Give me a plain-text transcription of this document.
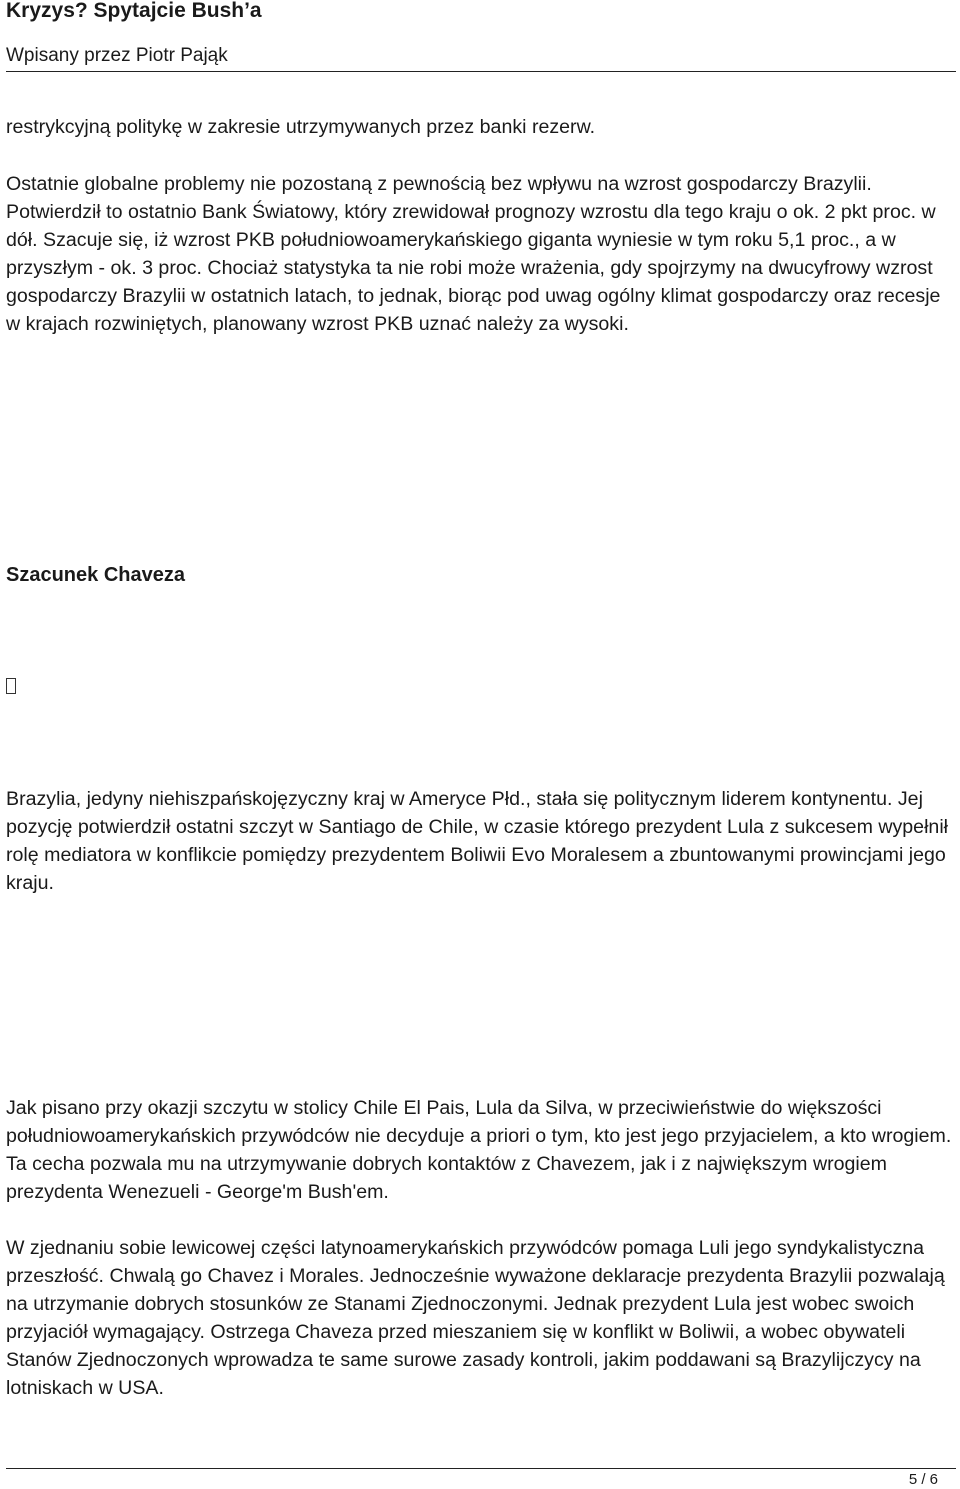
Kryzys? Spytajcie Bush’a

Wpisany przez Piotr Pająk

restrykcyjną politykę w zakresie utrzymywanych przez banki rezerw.

Ostatnie globalne problemy nie pozostaną z pewnością bez wpływu na wzrost gospodarczy Brazylii. Potwierdził to ostatnio Bank Światowy, który zrewidował prognozy wzrostu dla tego kraju o ok. 2 pkt proc. w dół. Szacuje się, iż wzrost PKB południowoamerykańskiego giganta wyniesie w tym roku 5,1 proc., a w przyszłym - ok. 3 proc. Chociaż statystyka ta nie robi może wrażenia, gdy spojrzymy na dwucyfrowy wzrost gospodarczy Brazylii w ostatnich latach, to jednak, biorąc pod uwag ogólny klimat gospodarczy oraz recesje w krajach rozwiniętych, planowany wzrost PKB uznać należy za wysoki.

Szacunek Chaveza

Brazylia, jedyny niehiszpańskojęzyczny kraj w Ameryce Płd., stała się politycznym liderem kontynentu. Jej pozycję potwierdził ostatni szczyt w Santiago de Chile, w czasie którego prezydent Lula z sukcesem wypełnił rolę mediatora w konflikcie pomiędzy prezydentem Boliwii Evo Moralesem a zbuntowanymi prowincjami jego kraju.

Jak pisano przy okazji szczytu w stolicy Chile El Pais, Lula da Silva, w przeciwieństwie do większości południowoamerykańskich przywódców nie decyduje a priori o tym, kto jest jego przyjacielem, a kto wrogiem. Ta cecha pozwala mu na utrzymywanie dobrych kontaktów z Chavezem, jak i z największym wrogiem prezydenta Wenezueli - George'm Bush'em.

W zjednaniu sobie lewicowej części latynoamerykańskich przywódców pomaga Luli jego syndykalistyczna przeszłość. Chwalą go Chavez i Morales. Jednocześnie wyważone deklaracje prezydenta Brazylii pozwalają na utrzymanie dobrych stosunków ze Stanami Zjednoczonymi. Jednak prezydent Lula jest wobec swoich przyjaciół wymagający. Ostrzega Chaveza przed mieszaniem się w konflikt w Boliwii, a wobec obywateli Stanów Zjednoczonych wprowadza te same surowe zasady kontroli, jakim poddawani są Brazylijczycy na lotniskach w USA.

5 / 6
